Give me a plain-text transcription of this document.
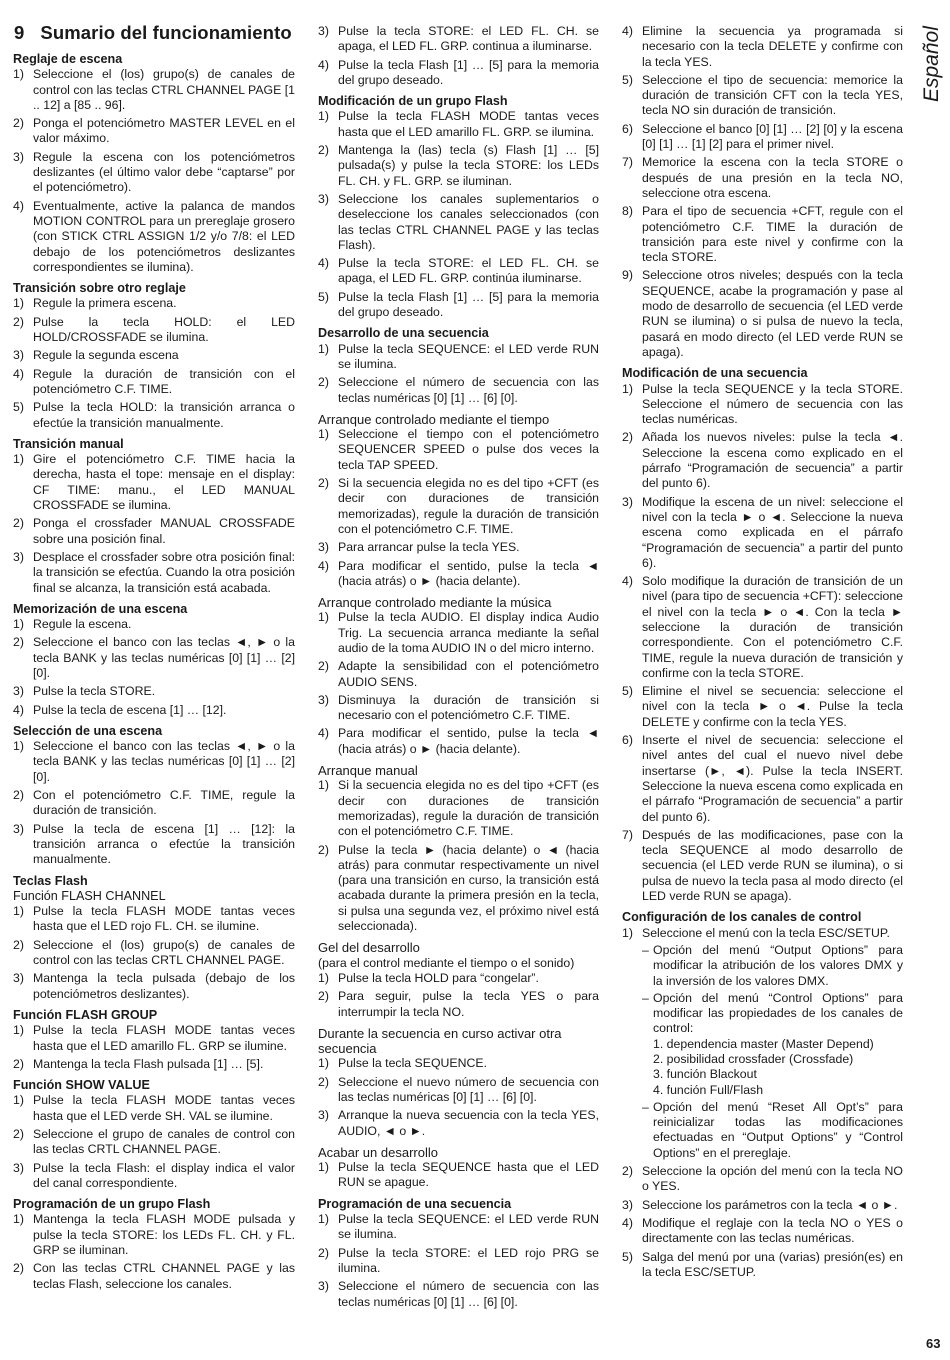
9 Sumario del funcionamiento	Español
Reglaje de escena
1) Seleccione el (los) grupo(s) de canales de control con las teclas CTRL CHANNEL PAGE [1 .. 12] a [85 .. 96].
2) Ponga el potenciómetro MASTER LEVEL en el valor máximo.
3) Regule la escena con los potenciómetros deslizantes (el último valor debe “captarse” por el potenciómetro).
4) Eventualmente, active la palanca de mandos MOTION CONTROL para un prereglaje grosero (con STICK CTRL ASSIGN 1/2 y/o 7/8: el LED debajo de los potenciómetros deslizantes correspondientes se ilumina).
Transición sobre otro reglaje
1) Regule la primera escena.
2) Pulse la tecla HOLD: el LED HOLD/CROSSFADE se ilumina.
3) Regule la segunda escena
4) Regule la duración de transición con el potenciómetro C.F. TIME.
5) Pulse la tecla HOLD: la transición arranca o efectúe la transición manualmente.
Transición manual
1) Gire el potenciómetro C.F. TIME hacia la derecha, hasta el tope: mensaje en el display: CF TIME: manu., el LED MANUAL CROSSFADE se ilumina.
2) Ponga el crossfader MANUAL CROSSFADE sobre una posición final.
3) Desplace el crossfader sobre otra posición final: la transición se efectúa. Cuando la otra posición final se alcanza, la transición está acabada.
Memorización de una escena
1) Regule la escena.
2) Seleccione el banco con las teclas ◄, ► o la tecla BANK y las teclas numéricas [0] [1] … [2] [0].
3) Pulse la tecla STORE.
4) Pulse la tecla de escena [1] … [12].
Selección de una escena
1) Seleccione el banco con las teclas ◄, ► o la tecla BANK y las teclas numéricas [0] [1] … [2] [0].
2) Con el potenciómetro C.F. TIME, regule la duración de transición.
3) Pulse la tecla de escena [1] … [12]: la transición arranca o efectúe la transición manualmente.
Teclas Flash
Función FLASH CHANNEL
1) Pulse la tecla FLASH MODE tantas veces hasta que el LED rojo FL. CH. se ilumine.
2) Seleccione el (los) grupo(s) de canales de control con las teclas CRTL CHANNEL PAGE.
3) Mantenga la tecla pulsada (debajo de los potenciómetros deslizantes).
Función FLASH GROUP
1) Pulse la tecla FLASH MODE tantas veces hasta que el LED amarillo FL. GRP se ilumine.
2) Mantenga la tecla Flash pulsada [1] … [5].
Función SHOW VALUE
1) Pulse la tecla FLASH MODE tantas veces hasta que el LED verde SH. VAL se ilumine.
2) Seleccione el grupo de canales de control con las teclas CRTL CHANNEL PAGE.
3) Pulse la tecla Flash: el display indica el valor del canal correspondiente.
Programación de un grupo Flash
1) Mantenga la tecla FLASH MODE pulsada y pulse la tecla STORE: los LEDs FL. CH. y FL. GRP se iluminan.
2) Con las teclas CTRL CHANNEL PAGE y las teclas Flash, seleccione los canales.
3) Pulse la tecla STORE: el LED FL. CH. se apaga, el LED FL. GRP. continua a iluminarse.
4) Pulse la tecla Flash [1] … [5] para la memoria del grupo deseado.
Modificación de un grupo Flash
1) Pulse la tecla FLASH MODE tantas veces hasta que el LED amarillo FL. GRP. se ilumina.
2) Mantenga la (las) tecla (s) Flash [1] … [5] pulsada(s) y pulse la tecla STORE: los LEDs FL. CH. y FL. GRP. se iluminan.
3) Seleccione los canales suplementarios o deseleccione los canales seleccionados (con las teclas CTRL CHANNEL PAGE y las teclas Flash).
4) Pulse la tecla STORE: el LED FL. CH. se apaga, el LED FL. GRP. continúa iluminarse.
5) Pulse la tecla Flash [1] … [5] para la memoria del grupo deseado.
Desarrollo de una secuencia
1) Pulse la tecla SEQUENCE: el LED verde RUN se ilumina.
2) Seleccione el número de secuencia con las teclas numéricas [0] [1] … [6] [0].
Arranque controlado mediante el tiempo
1) Seleccione el tiempo con el potenciómetro SEQUENCER SPEED o pulse dos veces la tecla TAP SPEED.
2) Si la secuencia elegida no es del tipo +CFT (es decir con duraciones de transición memorizadas), regule la duración de transición con el potenciómetro C.F. TIME.
3) Para arrancar pulse la tecla YES.
4) Para modificar el sentido, pulse la tecla ◄ (hacia atrás) o ► (hacia delante).
Arranque controlado mediante la música
1) Pulse la tecla AUDIO. El display indica Audio Trig. La secuencia arranca mediante la señal audio de la toma AUDIO IN o del micro interno.
2) Adapte la sensibilidad con el potenciómetro AUDIO SENS.
3) Disminuya la duración de transición si necesario con el potenciómetro C.F. TIME.
4) Para modificar el sentido, pulse la tecla ◄ (hacia atrás) o ► (hacia delante).
Arranque manual
1) Si la secuencia elegida no es del tipo +CFT (es decir con duraciones de transición memorizadas), regule la duración de transición con el potenciómetro C.F. TIME.
2) Pulse la tecla ► (hacia delante) o ◄ (hacia atrás) para conmutar respectivamente un nivel (para una transición en curso, la transición está acabada durante la primera presión en la tecla, si pulsa una segunda vez, el próximo nivel está seleccionada).
Gel del desarrollo
(para el control mediante el tiempo o el sonido)
1) Pulse la tecla HOLD para “congelar”.
2) Para seguir, pulse la tecla YES o para interrumpir la tecla NO.
Durante la secuencia en curso activar otra secuencia
1) Pulse la tecla SEQUENCE.
2) Seleccione el nuevo número de secuencia con las teclas numéricas [0] [1] … [6] [0].
3) Arranque la nueva secuencia con la tecla YES, AUDIO, ◄ o ►.
Acabar un desarrollo
1) Pulse la tecla SEQUENCE hasta que el LED RUN se apague.
Programación de una secuencia
1) Pulse la tecla SEQUENCE: el LED verde RUN se ilumina.
2) Pulse la tecla STORE: el LED rojo PRG se ilumina.
3) Seleccione el número de secuencia con las teclas numéricas [0] [1] … [6] [0].
4) Elimine la secuencia ya programada si necesario con la tecla DELETE y confirme con la tecla YES.
5) Seleccione el tipo de secuencia: memorice la duración de transición CFT con la tecla YES, tecla NO sin duración de transición.
6) Seleccione el banco [0] [1] … [2] [0] y la escena [0] [1] … [1] [2] para el primer nivel.
7) Memorice la escena con la tecla STORE o después de una presión en la tecla NO, seleccione otra escena.
8) Para el tipo de secuencia +CFT, regule con el potenciómetro C.F. TIME la duración de transición para este nivel y confirme con la tecla STORE.
9) Seleccione otros niveles; después con la tecla SEQUENCE, acabe la programación y pase al modo de desarrollo de secuencia (el LED verde RUN se ilumina) o si pulsa de nuevo la tecla, pasará en modo directo (el LED verde RUN se apaga).
Modificación de una secuencia
1) Pulse la tecla SEQUENCE y la tecla STORE. Seleccione el número de secuencia con las teclas numéricas.
2) Añada los nuevos niveles: pulse la tecla ◄. Seleccione la escena como explicado en el párrafo “Programación de secuencia” a partir del punto 6).
3) Modifique la escena de un nivel: seleccione el nivel con la tecla ► o ◄. Seleccione la nueva escena como explicada en el párrafo “Programación de secuencia” a partir del punto 6).
4) Solo modifique la duración de transición de un nivel (para tipo de secuencia +CFT): seleccione el nivel con la tecla ► o ◄. Con la tecla ► seleccione la duración de transición correspondiente. Con el potenciómetro C.F. TIME, regule la nueva duración de transición y confirme con la tecla STORE.
5) Elimine el nivel se secuencia: seleccione el nivel con la tecla ► o ◄. Pulse la tecla DELETE y confirme con la tecla YES.
6) Inserte el nivel de secuencia: seleccione el nivel antes del cual el nuevo nivel debe insertarse (►, ◄). Pulse la tecla INSERT. Seleccione la nueva escena como explicada en el párrafo “Programación de secuencia” a partir del punto 6).
7) Después de las modificaciones, pase con la tecla SEQUENCE al modo desarrollo de secuencia (el LED verde RUN se ilumina), o si pulsa de nuevo la tecla pasa al modo directo (el LED verde RUN se apaga).
Configuración de los canales de control
1) Seleccione el menú con la tecla ESC/SETUP.
– Opción del menú “Output Options” para modificar la atribución de los valores DMX y la inversión de los valores DMX.
– Opción del menú “Control Options” para modificar las propiedades de los canales de control:
1. dependencia master (Master Depend)
2. posibilidad crossfader (Crossfade)
3. función Blackout
4. función Full/Flash
– Opción del menú “Reset All Opt’s” para reinicializar todas las modificaciones efectuadas en “Output Options” y “Control Options” en el prereglaje.
2) Seleccione la opción del menú con la tecla NO o YES.
3) Seleccione los parámetros con la tecla ◄ o ►.
4) Modifique el reglaje con la tecla NO o YES o directamente con las teclas numéricas.
5) Salga del menú por una (varias) presión(es) en la tecla ESC/SETUP.
63
